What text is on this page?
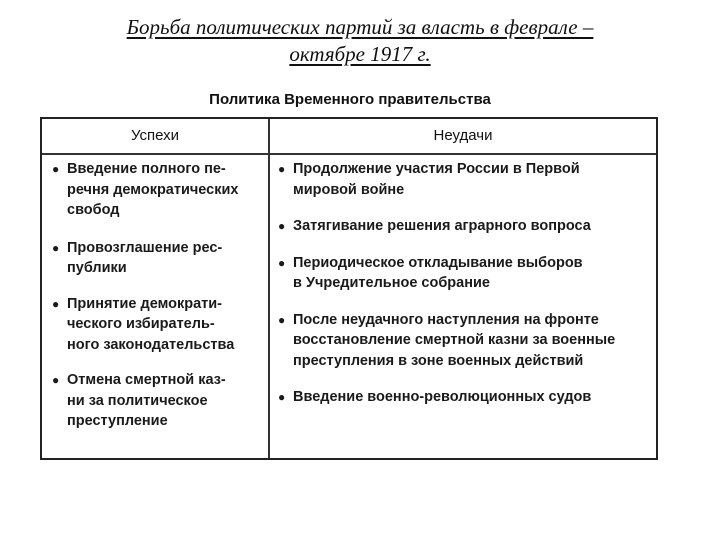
Борьба политических партий за власть в феврале –
октябре 1917 г.
Политика Временного правительства
Успехи	Неудачи
● Введение полного пе-
речня демократических
свобод
● Провозглашение рес-
публики
● Принятие демократи-
ческого избиратель-
ного законодательства
● Отмена смертной каз-
ни за политическое
преступление
● Продолжение участия России в Первой
мировой войне
● Затягивание решения аграрного вопроса
● Периодическое откладывание выборов
в Учредительное собрание
● После неудачного наступления на фронте
восстановление смертной казни за военные
преступления в зоне военных действий
● Введение военно-революционных судов
